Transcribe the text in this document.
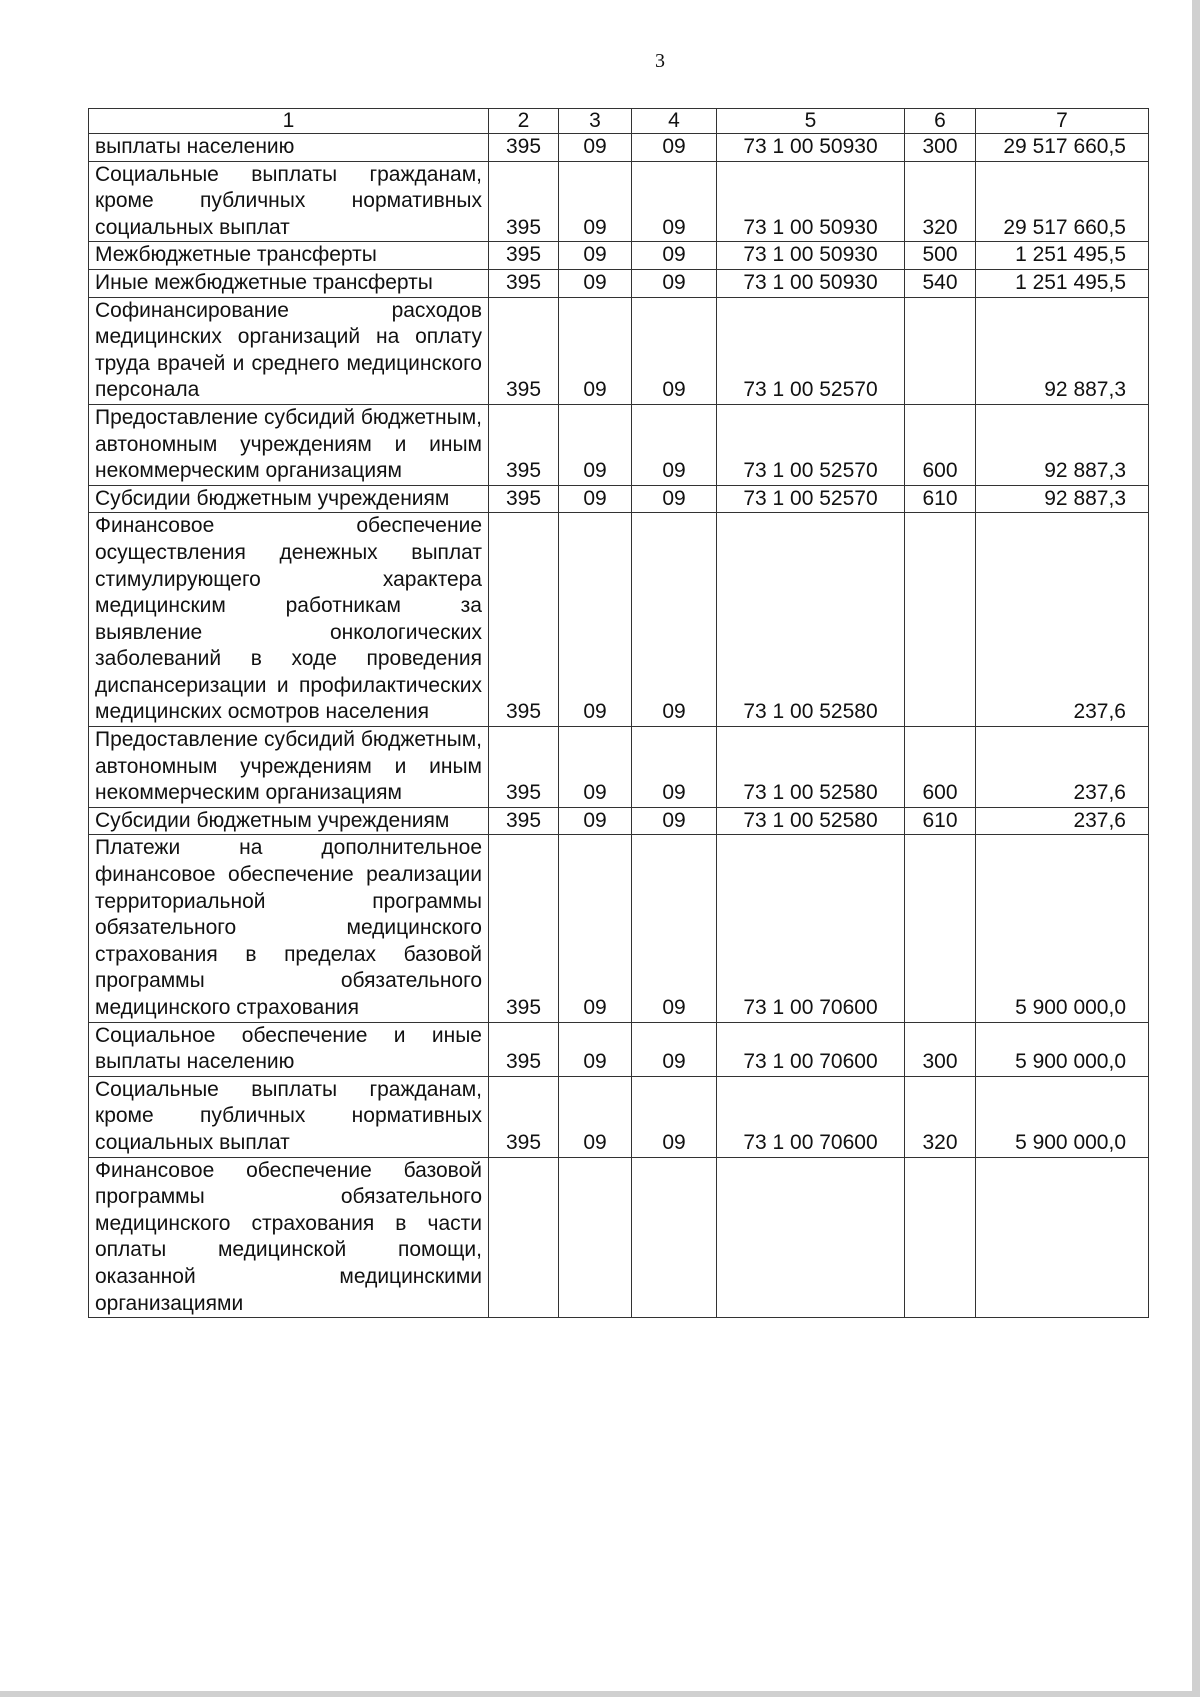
3
1	2	3	4	5	6	7
выплаты населению	395	09	09	73 1 00 50930	300	29 517 660,5
Социальные выплаты гражданам, кроме публичных нормативных социальных выплат	395	09	09	73 1 00 50930	320	29 517 660,5
Межбюджетные трансферты	395	09	09	73 1 00 50930	500	1 251 495,5
Иные межбюджетные трансферты	395	09	09	73 1 00 50930	540	1 251 495,5
Софинансирование расходов медицинских организаций на оплату труда врачей и среднего медицинского персонала	395	09	09	73 1 00 52570		92 887,3
Предоставление субсидий бюджетным, автономным учреждениям и иным некоммерческим организациям	395	09	09	73 1 00 52570	600	92 887,3
Субсидии бюджетным учреждениям	395	09	09	73 1 00 52570	610	92 887,3
Финансовое обеспечение осуществления денежных выплат стимулирующего характера медицинским работникам за выявление онкологических заболеваний в ходе проведения диспансеризации и профилактических медицинских осмотров населения	395	09	09	73 1 00 52580		237,6
Предоставление субсидий бюджетным, автономным учреждениям и иным некоммерческим организациям	395	09	09	73 1 00 52580	600	237,6
Субсидии бюджетным учреждениям	395	09	09	73 1 00 52580	610	237,6
Платежи на дополнительное финансовое обеспечение реализации территориальной программы обязательного медицинского страхования в пределах базовой программы обязательного медицинского страхования	395	09	09	73 1 00 70600		5 900 000,0
Социальное обеспечение и иные выплаты населению	395	09	09	73 1 00 70600	300	5 900 000,0
Социальные выплаты гражданам, кроме публичных нормативных социальных выплат	395	09	09	73 1 00 70600	320	5 900 000,0
Финансовое обеспечение базовой программы обязательного медицинского страхования в части оплаты медицинской помощи, оказанной медицинскими организациями						
